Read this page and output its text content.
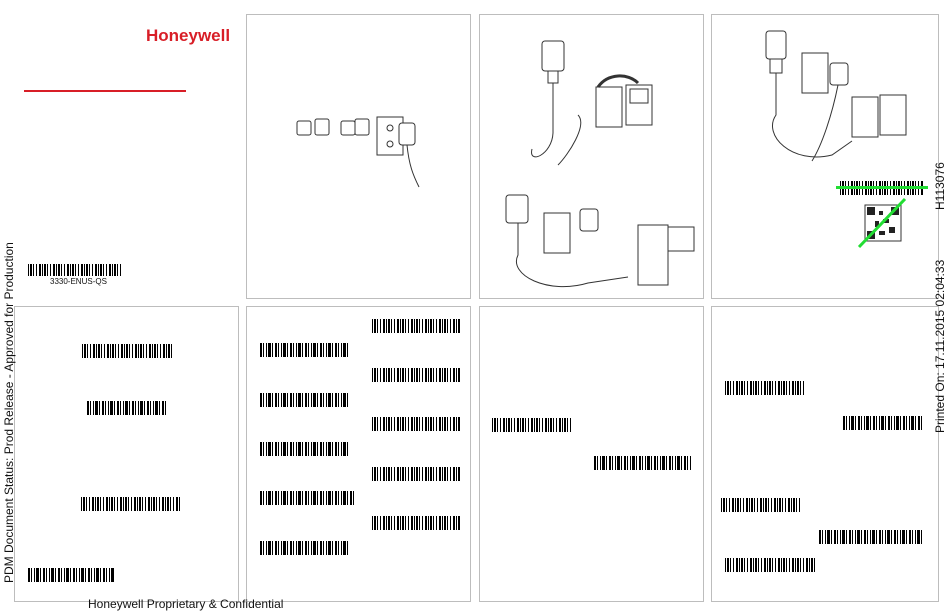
Honeywell
3330-ENUS-QS
Honeywell Proprietary & Confidential
PDM Document Status: Prod Release - Approved for Production	Printed On: 17.11.2015 02:04:33
H113076
